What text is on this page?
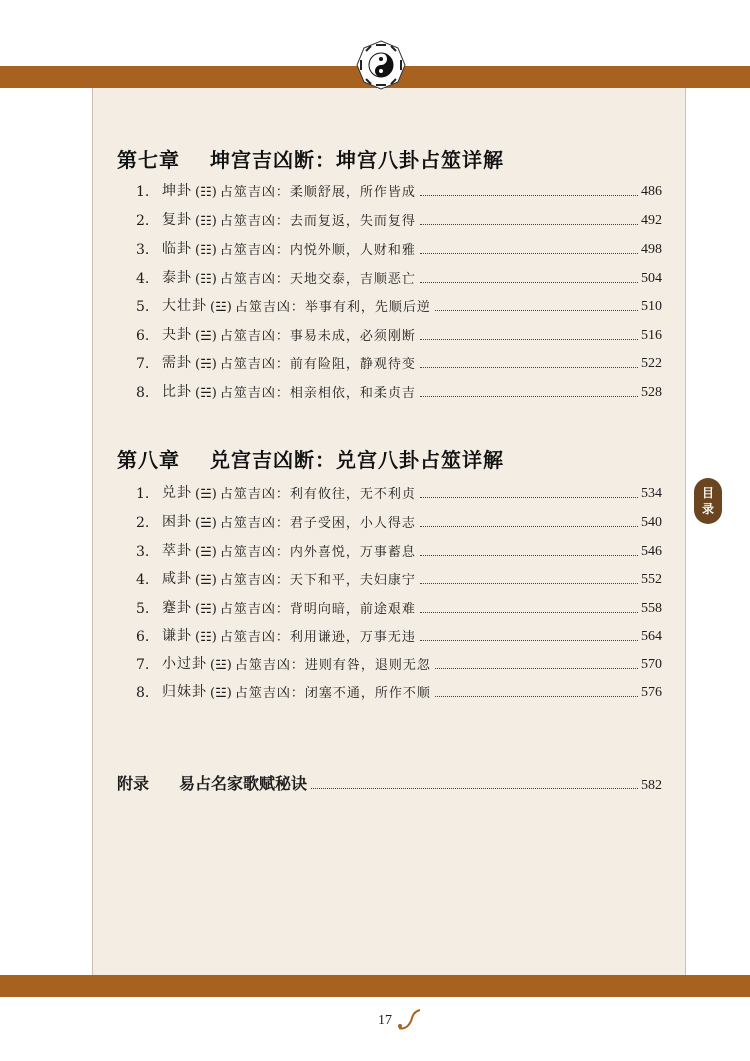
第七章 坤宫吉凶断：坤宫八卦占筮详解
1. 坤卦 (☷) 占筮吉凶：柔顺舒展，所作皆成	486
2. 复卦 (☷) 占筮吉凶：去而复返，失而复得	492
3. 临卦 (☷) 占筮吉凶：内悦外顺，人财和雅	498
4. 泰卦 (☷) 占筮吉凶：天地交泰，吉顺恶亡	504
5. 大壮卦 (☳) 占筮吉凶：举事有利，先顺后逆	510
6. 夬卦 (☱) 占筮吉凶：事易未成，必须刚断	516
7. 需卦 (☵) 占筮吉凶：前有险阻，静观待变	522
8. 比卦 (☵) 占筮吉凶：相亲相依，和柔贞吉	528
第八章 兑宫吉凶断：兑宫八卦占筮详解
1. 兑卦 (☱) 占筮吉凶：利有攸往，无不利贞	534
2. 困卦 (☱) 占筮吉凶：君子受困，小人得志	540
3. 萃卦 (☱) 占筮吉凶：内外喜悦，万事蓄息	546
4. 咸卦 (☱) 占筮吉凶：天下和平，夫妇康宁	552
5. 蹇卦 (☵) 占筮吉凶：背明向暗，前途艰难	558
6. 谦卦 (☷) 占筮吉凶：利用谦逊，万事无违	564
7. 小过卦 (☳) 占筮吉凶：进则有咎，退则无忽	570
8. 归妹卦 (☳) 占筮吉凶：闭塞不通，所作不顺	576
附录	易占名家歌赋秘诀	582
目
录
17
